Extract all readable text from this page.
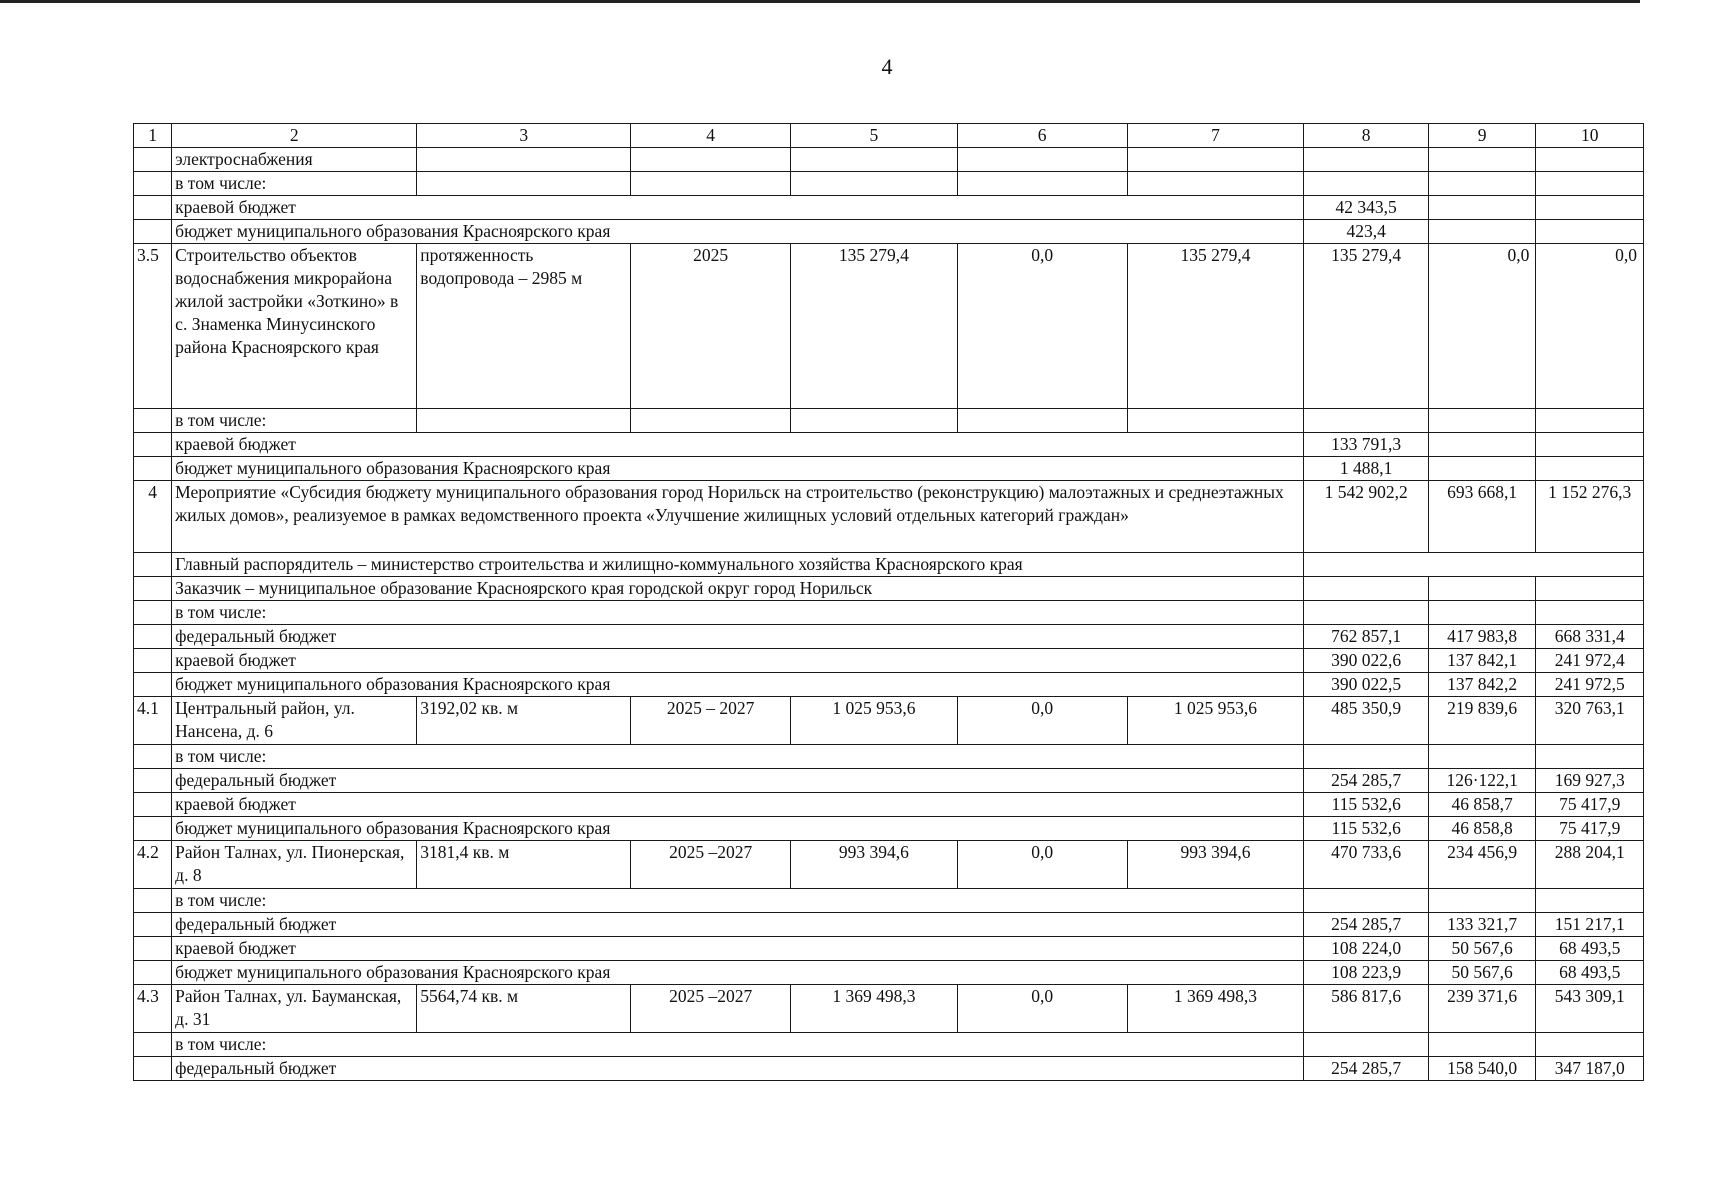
4
1	2	3	4	5	6	7	8	9	10
	электроснабжения								
	в том числе:								
	краевой бюджет						42 343,5		
	бюджет муниципального образования Красноярского края						423,4		
3.5	Строительство объектов водоснабжения микрорайона жилой застройки «Зоткино» в с. Знаменка Минусинского района Красноярского края	протяженность водопровода – 2985 м	2025	135 279,4	0,0	135 279,4	135 279,4	0,0	0,0
	в том числе:								
	краевой бюджет						133 791,3		
	бюджет муниципального образования Красноярского края						1 488,1		
4	Мероприятие «Субсидия бюджету муниципального образования город Норильск на строительство (реконструкцию) малоэтажных и среднеэтажных жилых домов», реализуемое в рамках ведомственного проекта «Улучшение жилищных условий отдельных категорий граждан»						1 542 902,2	693 668,1	1 152 276,3
	Главный распорядитель – министерство строительства и жилищно-коммунального хозяйства Красноярского края								
	Заказчик – муниципальное образование Красноярского края городской округ город Норильск								
	в том числе:								
	федеральный бюджет						762 857,1	417 983,8	668 331,4
	краевой бюджет						390 022,6	137 842,1	241 972,4
	бюджет муниципального образования Красноярского края						390 022,5	137 842,2	241 972,5
4.1	Центральный район, ул. Нансена, д. 6	3192,02 кв. м	2025 – 2027	1 025 953,6	0,0	1 025 953,6	485 350,9	219 839,6	320 763,1
	в том числе:								
	федеральный бюджет						254 285,7	126·122,1	169 927,3
	краевой бюджет						115 532,6	46 858,7	75 417,9
	бюджет муниципального образования Красноярского края						115 532,6	46 858,8	75 417,9
4.2	Район Талнах, ул. Пионерская, д. 8	3181,4 кв. м	2025 –2027	993 394,6	0,0	993 394,6	470 733,6	234 456,9	288 204,1
	в том числе:								
	федеральный бюджет						254 285,7	133 321,7	151 217,1
	краевой бюджет						108 224,0	50 567,6	68 493,5
	бюджет муниципального образования Красноярского края						108 223,9	50 567,6	68 493,5
4.3	Район Талнах, ул. Бауманская, д. 31	5564,74 кв. м	2025 –2027	1 369 498,3	0,0	1 369 498,3	586 817,6	239 371,6	543 309,1
	в том числе:								
	федеральный бюджет						254 285,7	158 540,0	347 187,0
